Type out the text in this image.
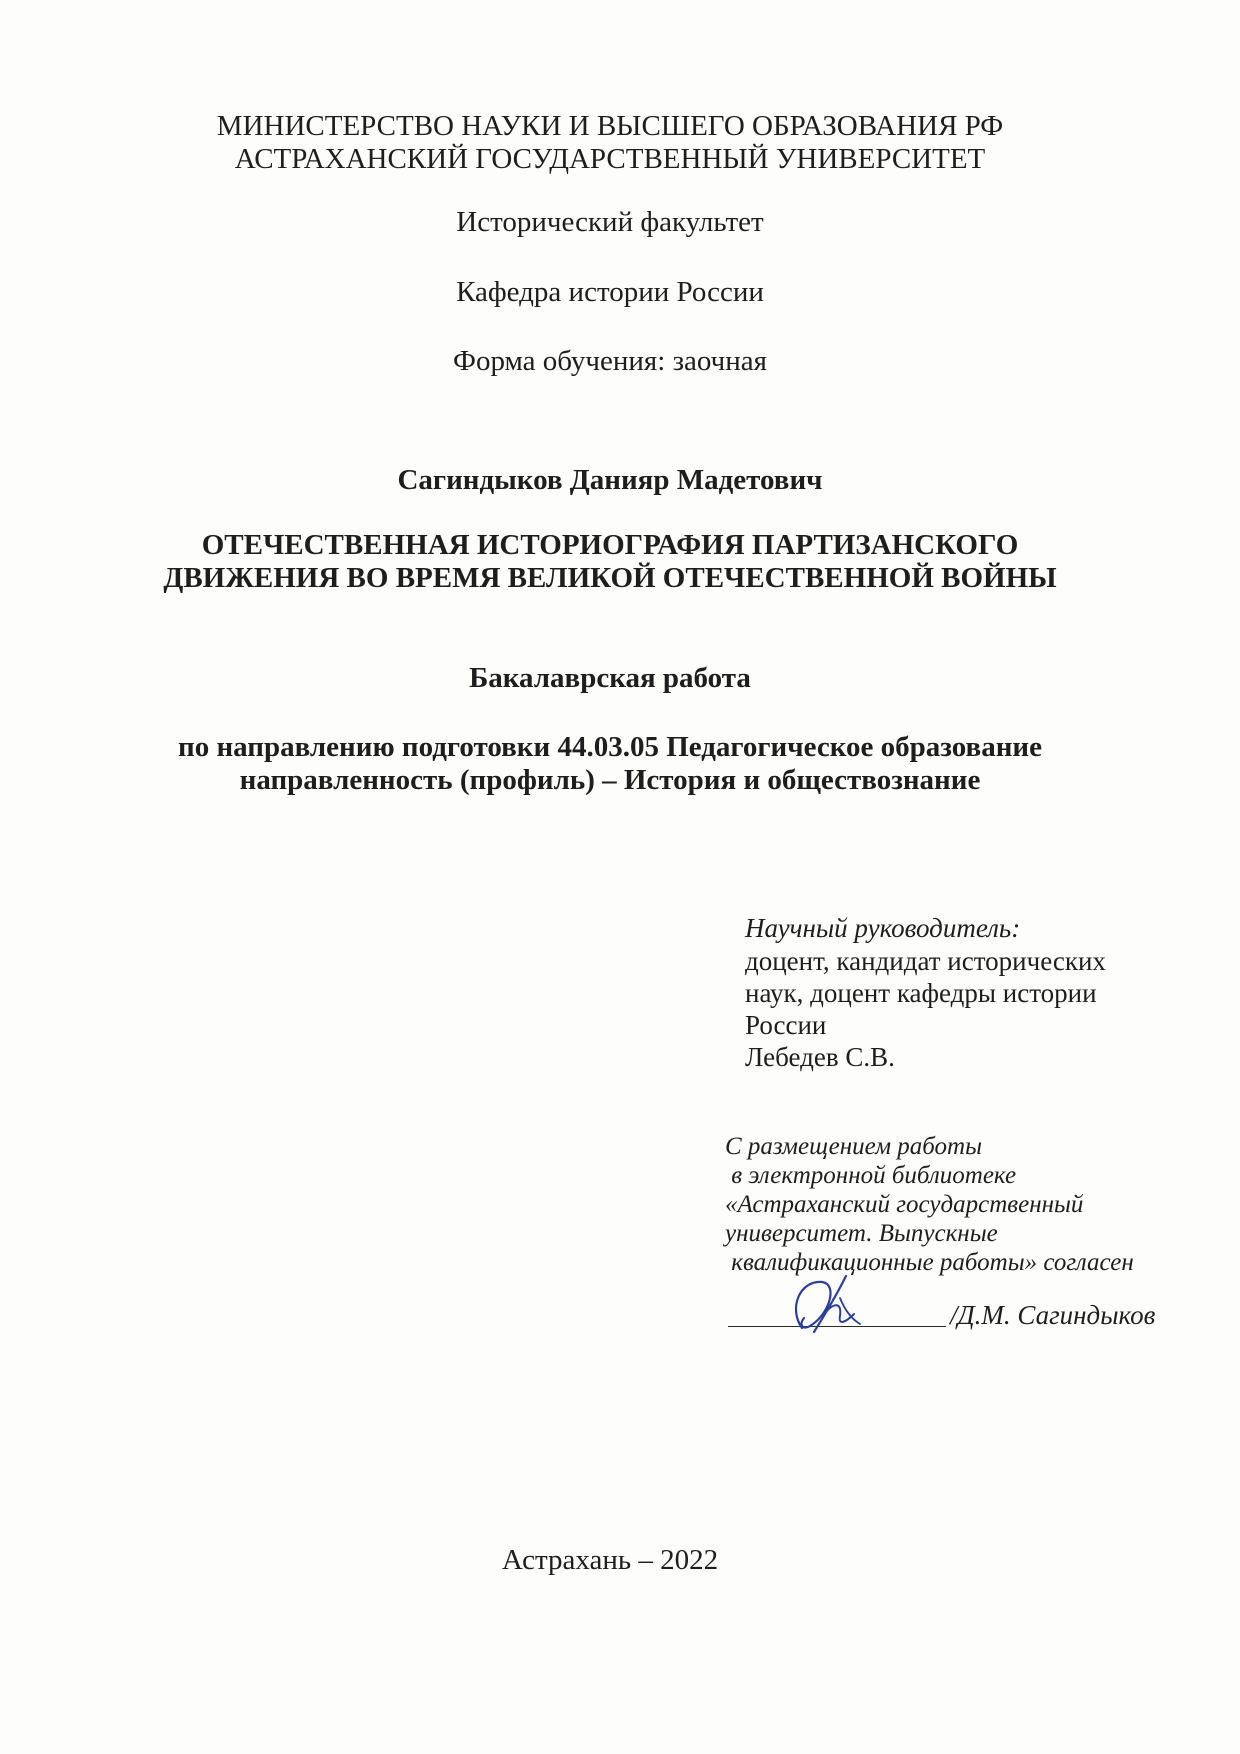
МИНИСТЕРСТВО НАУКИ И ВЫСШЕГО ОБРАЗОВАНИЯ РФ
АСТРАХАНСКИЙ ГОСУДАРСТВЕННЫЙ УНИВЕРСИТЕТ
Исторический факультет
Кафедра истории России
Форма обучения: заочная
Сагиндыков Данияр Мадетович
ОТЕЧЕСТВЕННАЯ ИСТОРИОГРАФИЯ ПАРТИЗАНСКОГО
ДВИЖЕНИЯ ВО ВРЕМЯ ВЕЛИКОЙ ОТЕЧЕСТВЕННОЙ ВОЙНЫ
Бакалаврская работа
по направлению подготовки 44.03.05 Педагогическое образование
направленность (профиль) – История и обществознание
Научный руководитель:
доцент, кандидат исторических
наук, доцент кафедры истории
России
Лебедев С.В.
С размещением работы
в электронной библиотеке
«Астраханский государственный
университет. Выпускные
квалификационные работы» согласен
/Д.М. Сагиндыков
Астрахань – 2022
